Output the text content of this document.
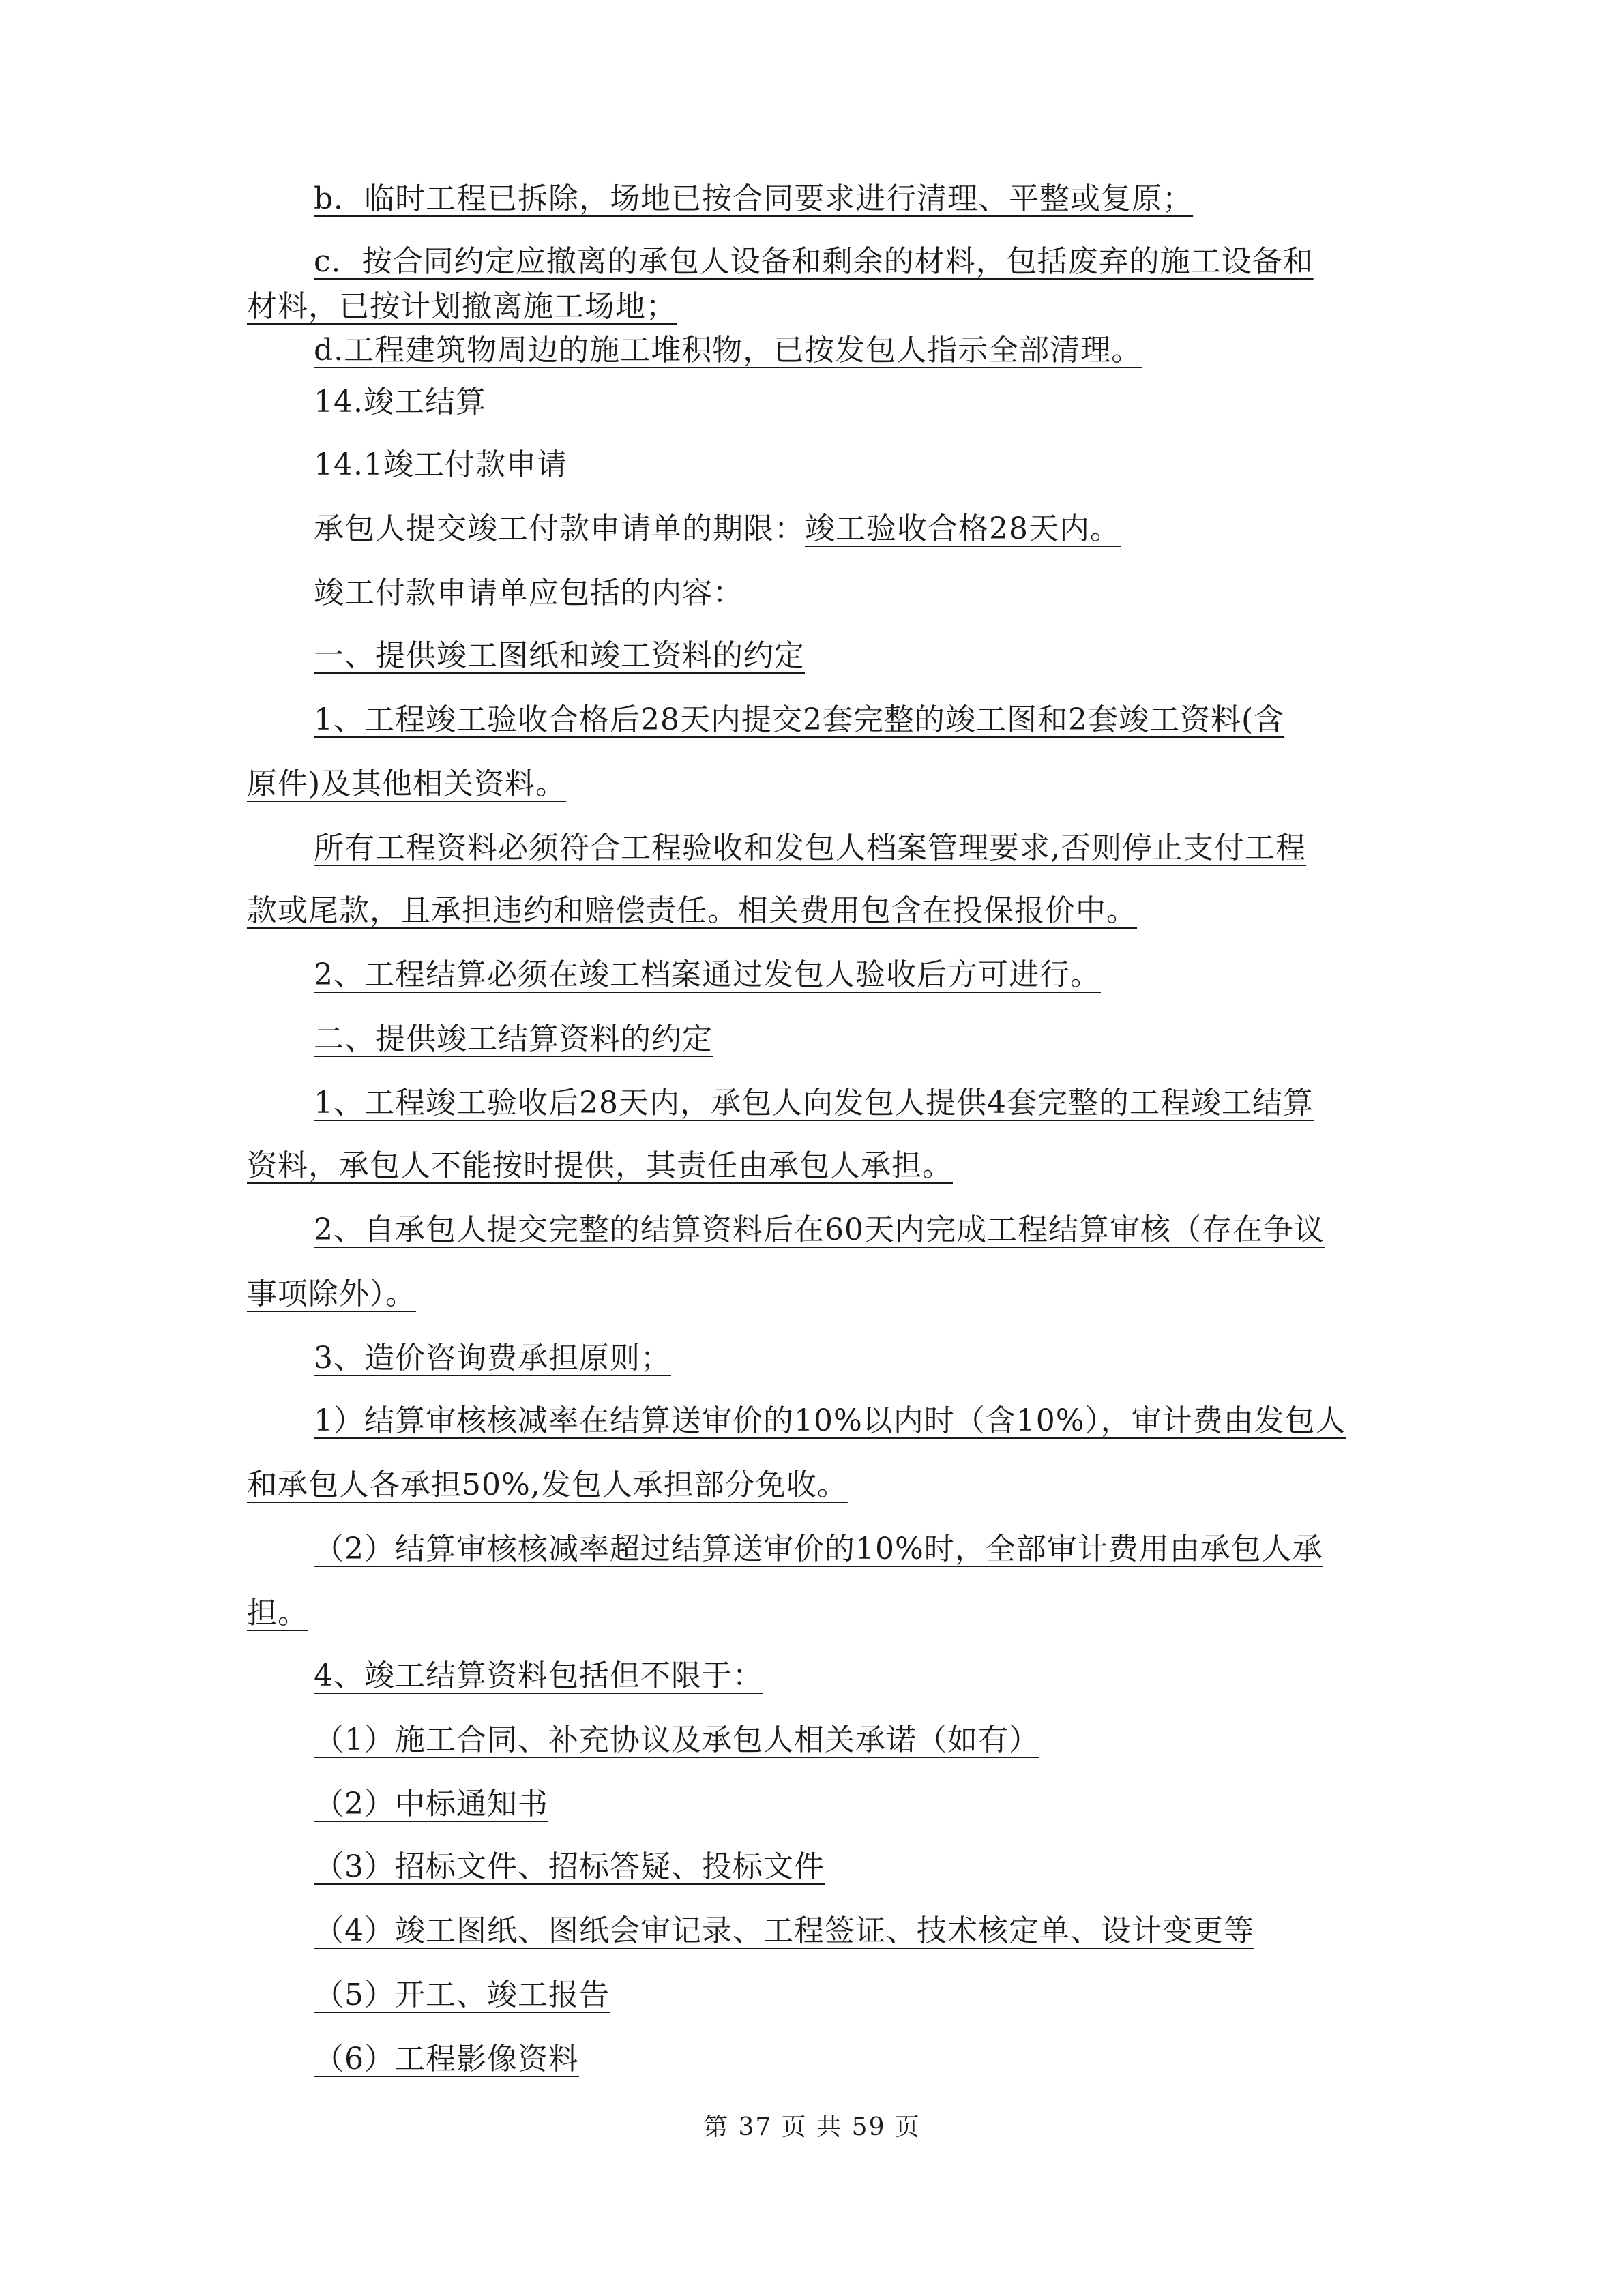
b．临时工程已拆除，场地已按合同要求进行清理、平整或复原；
c．按合同约定应撤离的承包人设备和剩余的材料，包括废弃的施工设备和
材料，已按计划撤离施工场地；
d.工程建筑物周边的施工堆积物，已按发包人指示全部清理。
14.竣工结算
14.1竣工付款申请
承包人提交竣工付款申请单的期限：竣工验收合格28天内。
竣工付款申请单应包括的内容：
一、提供竣工图纸和竣工资料的约定
1、工程竣工验收合格后28天内提交2套完整的竣工图和2套竣工资料(含
原件)及其他相关资料。
所有工程资料必须符合工程验收和发包人档案管理要求,否则停止支付工程
款或尾款，且承担违约和赔偿责任。相关费用包含在投保报价中。
2、工程结算必须在竣工档案通过发包人验收后方可进行。
二、提供竣工结算资料的约定
1、工程竣工验收后28天内，承包人向发包人提供4套完整的工程竣工结算
资料，承包人不能按时提供，其责任由承包人承担。
2、自承包人提交完整的结算资料后在60天内完成工程结算审核（存在争议
事项除外）。
3、造价咨询费承担原则；
1）结算审核核减率在结算送审价的10%以内时（含10%），审计费由发包人
和承包人各承担50%,发包人承担部分免收。
（2）结算审核核减率超过结算送审价的10%时，全部审计费用由承包人承
担。
4、竣工结算资料包括但不限于：
（1）施工合同、补充协议及承包人相关承诺（如有）
（2）中标通知书
（3）招标文件、招标答疑、投标文件
（4）竣工图纸、图纸会审记录、工程签证、技术核定单、设计变更等
（5）开工、竣工报告
（6）工程影像资料
第 37 页 共 59 页
